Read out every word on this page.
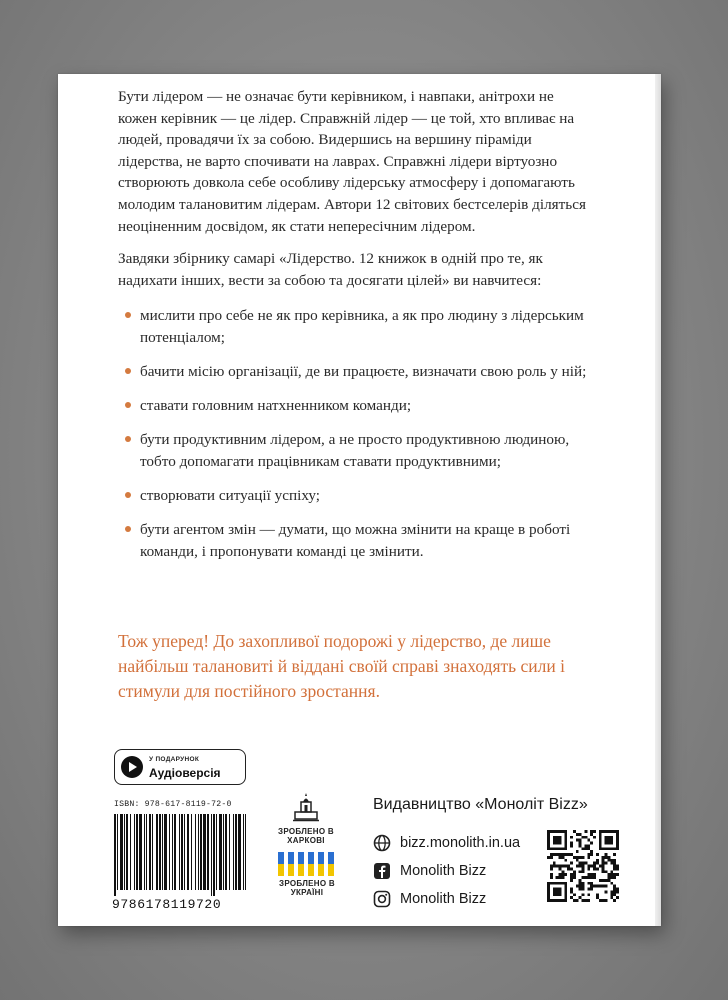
Бути лідером — не означає бути керівником, і навпаки, анітрохи не кожен керівник — це лідер. Справжній лідер — це той, хто впливає на людей, провадячи їх за собою. Видершись на вершину піраміди лідерства, не варто спочивати на лаврах. Справжні лідери віртуозно створюють довкола себе особливу лідерську атмосферу і допомагають молодим талановитим лідерам. Автори 12 світових бестселерів діляться неоціненним досвідом, як стати непересічним лідером.

Завдяки збірнику самарі «Лідерство. 12 книжок в одній про те, як надихати інших, вести за собою та досягати цілей» ви навчитеся:

мислити про себе не як про керівника, а як про людину з лідерським потенціалом;
бачити місію організації, де ви працюєте, визначати свою роль у ній;
ставати головним натхненником команди;
бути продуктивним лідером, а не просто продуктивною людиною, тобто допомагати працівникам ставати продуктивними;
створювати ситуації успіху;
бути агентом змін — думати, що можна змінити на краще в роботі команди, і пропонувати команді це змінити.
Тож уперед! До захопливої подорожі у лідерство, де лише найбільш талановиті й віддані своїй справі знаходять сили і стимули для постійного зростання.
У ПОДАРУНОК
Аудіоверсія
ISBN: 978-617-8119-72-0
9786178119720
ЗРОБЛЕНО В ХАРКОВІ
ЗРОБЛЕНО В УКРАЇНІ
Видавництво «Моноліт Bizz»
bizz.monolith.in.ua
Monolith Bizz
Monolith Bizz
